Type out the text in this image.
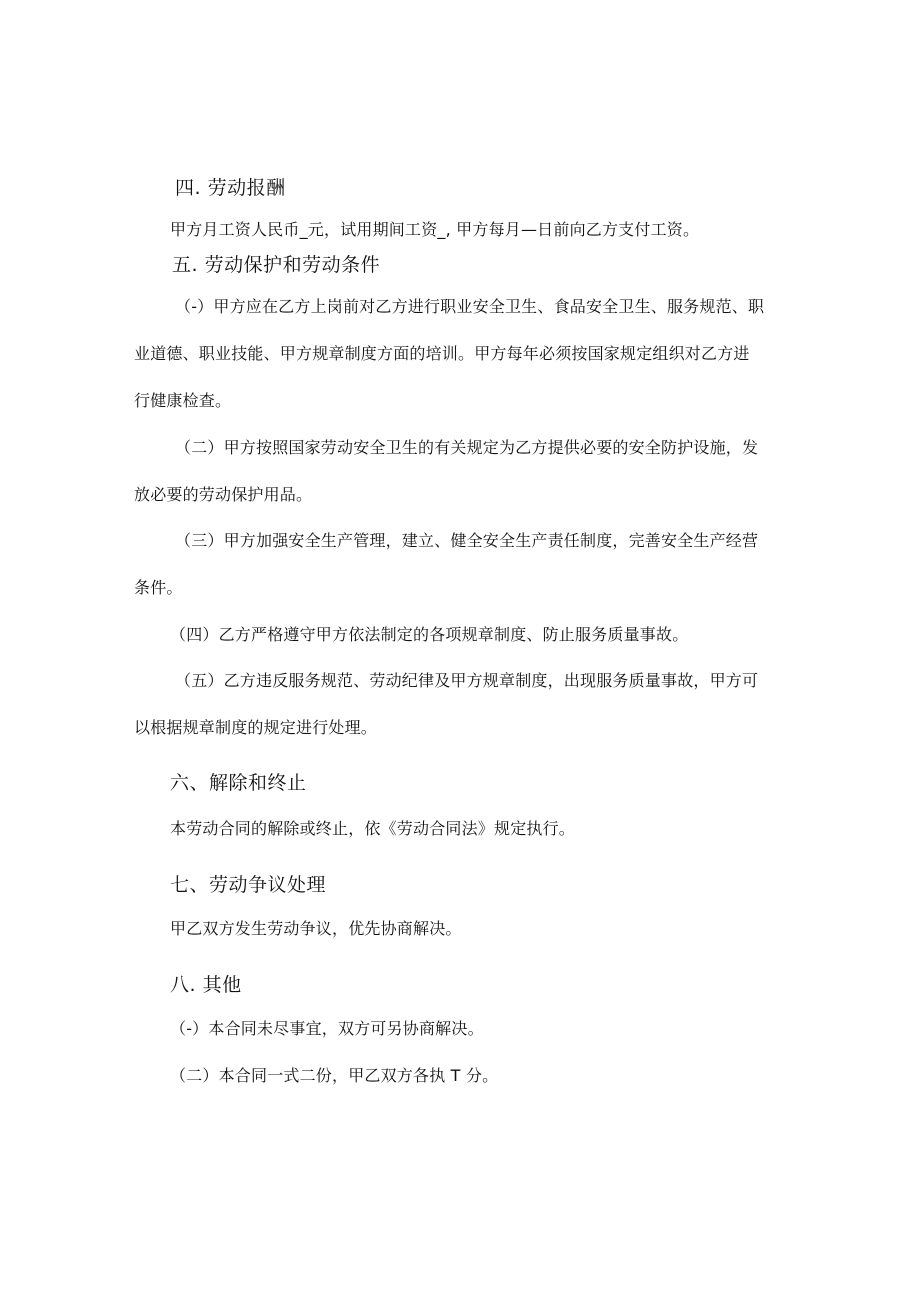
四. 劳动报酬
甲方月工资人民币_元，试用期间工资_, 甲方每月—日前向乙方支付工资。
五. 劳动保护和劳动条件
（-）甲方应在乙方上岗前对乙方进行职业安全卫生、食品安全卫生、服务规范、职
业道德、职业技能、甲方规章制度方面的培训。甲方每年必须按国家规定组织对乙方进
行健康检查。
（二）甲方按照国家劳动安全卫生的有关规定为乙方提供必要的安全防护设施，发
放必要的劳动保护用品。
（三）甲方加强安全生产管理，建立、健全安全生产责任制度，完善安全生产经营
条件。
（四）乙方严格遵守甲方依法制定的各项规章制度、防止服务质量事故。
（五）乙方违反服务规范、劳动纪律及甲方规章制度，出现服务质量事故，甲方可
以根据规章制度的规定进行处理。
六、解除和终止
本劳动合同的解除或终止，依《劳动合同法》规定执行。
七、劳动争议处理
甲乙双方发生劳动争议，优先协商解决。
八. 其他
（-）本合同未尽事宜，双方可另协商解决。
（二）本合同一式二份，甲乙双方各执 T 分。
